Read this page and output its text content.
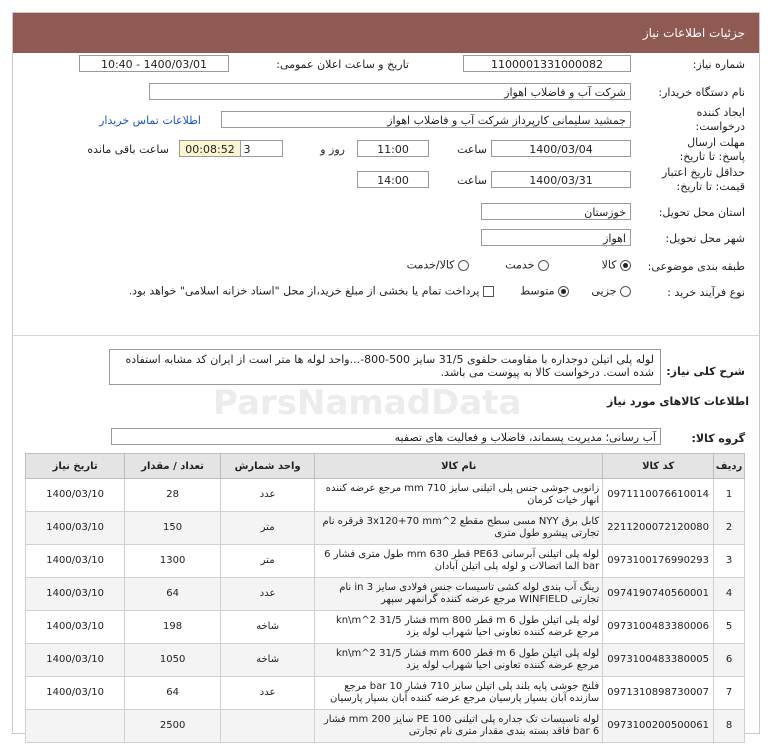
جزئیات اطلاعات نیاز
شماره نیاز:
1100001331000082
تاریخ و ساعت اعلان عمومی:
1400/03/01 - 10:40
نام دستگاه خریدار:
شرکت آب و فاضلاب اهواز
ایجاد کننده درخواست:
جمشید سلیمانی کارپرداز شرکت آب و فاضلاب اهواز
اطلاعات تماس خریدار
مهلت ارسال پاسخ: تا تاریخ:
1400/03/04
ساعت
11:00
3	روز و
00:08:52
ساعت باقی مانده
حداقل تاریخ اعتبار قیمت: تا تاریخ:
1400/03/31
ساعت
14:00
استان محل تحویل:
خوزستان
شهر محل تحویل:
اهواز
طبقه بندی موضوعی:
کالا
خدمت
کالا/خدمت
نوع فرآیند خرید :
جزیی
متوسط
پرداخت تمام یا بخشی از مبلغ خرید،از محل "اسناد خزانه اسلامی" خواهد بود.
شرح کلی نیاز:
لوله پلی اتیلن دوجداره با مقاومت حلقوی 31/5 سایز 500-800-...واحد لوله ها متر است از ایران کد مشابه استفاده شده است. درخواست کالا به پیوست می باشد.
اطلاعات کالاهای مورد نیاز
گروه کالا:
آب رسانی؛ مدیریت پسماند، فاضلاب و فعالیت های تصفیه
ردیف	کد کالا	نام کالا	واحد شمارش	تعداد / مقدار	تاریخ نیاز
1	0971110076610014	زانویی جوشی جنس پلی اتیلنی سایز 710 mm مرجع عرضه کننده انهار خیات کرمان	عدد	28	1400/03/10
2	2211200072120080	کابل برق NYY مسی سطح مقطع 2^3x120+70 mm قرقره نام تجارتی پیشرو طول متری	متر	150	1400/03/10
3	0973100176990293	لوله پلی اتیلنی آبرسانی PE63 قطر 630 mm طول متری فشار 6 bar الما اتصالات و لوله پلی اتیلن آبادان	متر	1300	1400/03/10
4	0974190740560001	رینگ آب بندی لوله کشی تاسیسات جنس فولادی سایز 3 in نام تجارتی WINFIELD مرجع عرضه کننده گرانمهر سپهر	عدد	64	1400/03/10
5	0973100483380006	لوله پلی اتیلن طول 6 m قطر 800 mm فشار 31/5 kn\m^2 مرجع عرضه کننده تعاونی احیا شهراب لوله یزد	شاخه	198	1400/03/10
6	0973100483380005	لوله پلی اتیلن طول 6 m قطر 600 mm فشار 31/5 kn\m^2 مرجع عرضه کننده تعاونی احیا شهراب لوله یزد	شاخه	1050	1400/03/10
7	0971310898730007	فلنج جوشی پایه بلند پلی اتیلن سایز 710 فشار 10 bar مرجع سازنده آبان بسپار پارسیان مرجع عرضه کننده آبان بسپار پارسیان	عدد	64	1400/03/10
8	0973100200500061	لوله تاسیسات تک جداره پلی اتیلنی PE 100 سایز 200 mm فشار 6 bar فاقد بسته بندی مقدار متری نام تجارتی		2500	
ParsNamadData
